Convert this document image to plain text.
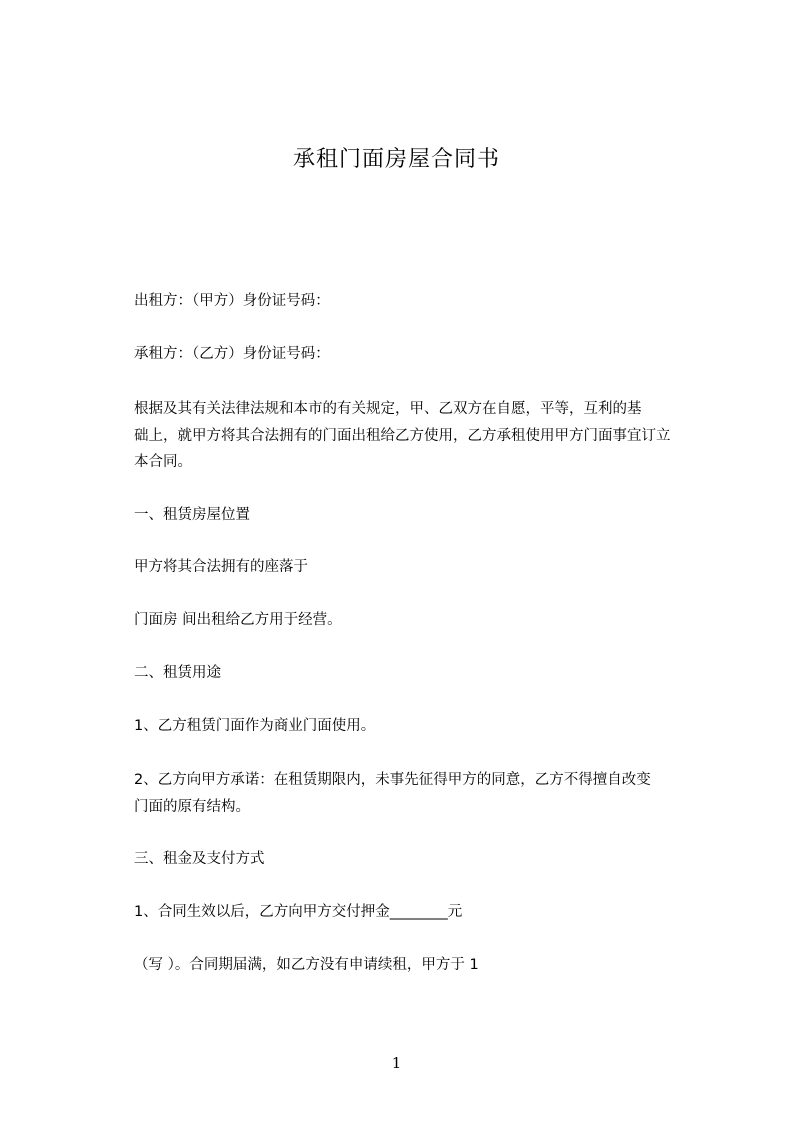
承租门面房屋合同书
出租方：（甲方）身份证号码：
承租方：（乙方）身份证号码：
根据及其有关法律法规和本市的有关规定，甲、乙双方在自愿，平等，互利的基
础上，就甲方将其合法拥有的门面出租给乙方使用，乙方承租使用甲方门面事宜订立
本合同。
一、租赁房屋位置
甲方将其合法拥有的座落于
门面房 间出租给乙方用于经营。
二、租赁用途
1、乙方租赁门面作为商业门面使用。
2、乙方向甲方承诺：在租赁期限内，未事先征得甲方的同意，乙方不得擅自改变
门面的原有结构。
三、租金及支付方式
1、合同生效以后，乙方向甲方交付押金________元
（写 ）。合同期届满，如乙方没有申请续租，甲方于 1
1
